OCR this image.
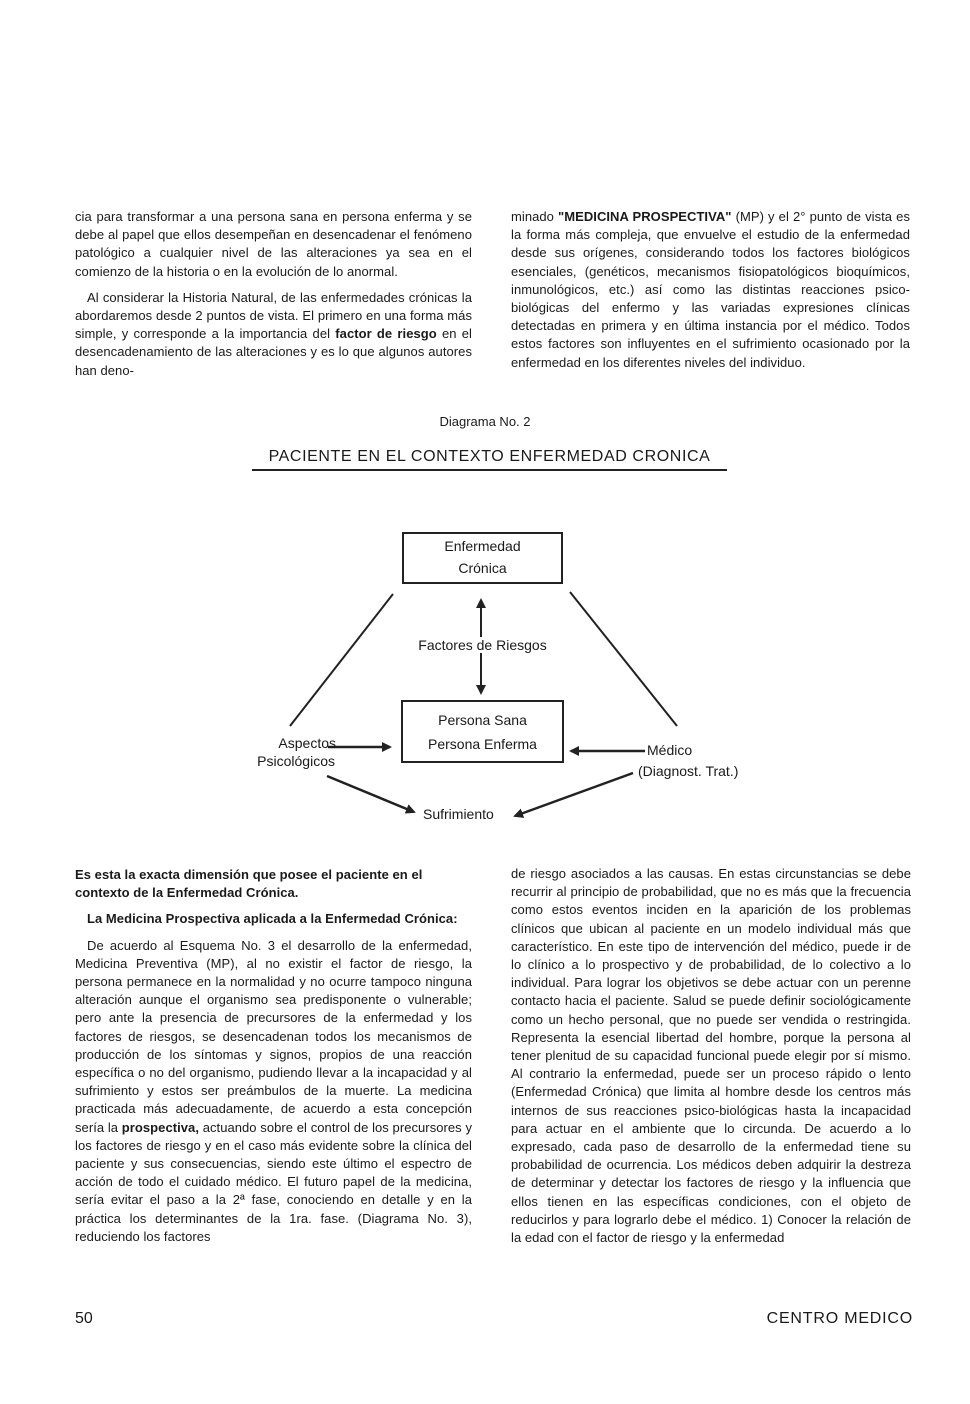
cia para transformar a una persona sana en persona enferma y se debe al papel que ellos desempeñan en desencadenar el fenómeno patológico a cualquier nivel de las alteraciones ya sea en el comienzo de la historia o en la evolución de lo anormal.

Al considerar la Historia Natural, de las enfermedades crónicas la abordaremos desde 2 puntos de vista. El primero en una forma más simple, y corresponde a la importancia del factor de riesgo en el desencadenamiento de las alteraciones y es lo que algunos autores han deno-

minado "MEDICINA PROSPECTIVA" (MP) y el 2° punto de vista es la forma más compleja, que envuelve el estudio de la enfermedad desde sus orígenes, considerando todos los factores biológicos esenciales, (genéticos, mecanismos fisiopatológicos bioquímicos, inmunológicos, etc.) así como las distintas reacciones psico-biológicas del enfermo y las variadas expresiones clínicas detectadas en primera y en última instancia por el médico. Todos estos factores son influyentes en el sufrimiento ocasionado por la enfermedad en los diferentes niveles del individuo.

Diagrama No. 2
PACIENTE EN EL CONTEXTO ENFERMEDAD CRONICA
Enfermedad
Crónica
Factores de Riesgos
Persona Sana
Persona Enferma
Aspectos
Psicológicos
Médico
(Diagnost. Trat.)
Sufrimiento

Es esta la exacta dimensión que posee el paciente en el contexto de la Enfermedad Crónica.

La Medicina Prospectiva aplicada a la Enfermedad Crónica:

De acuerdo al Esquema No. 3 el desarrollo de la enfermedad, Medicina Preventiva (MP), al no existir el factor de riesgo, la persona permanece en la normalidad y no ocurre tampoco ninguna alteración aunque el organismo sea predisponente o vulnerable; pero ante la presencia de precursores de la enfermedad y los factores de riesgos, se desencadenan todos los mecanismos de producción de los síntomas y signos, propios de una reacción específica o no del organismo, pudiendo llevar a la incapacidad y al sufrimiento y estos ser preámbulos de la muerte. La medicina practicada más adecuadamente, de acuerdo a esta concepción sería la prospectiva, actuando sobre el control de los precursores y los factores de riesgo y en el caso más evidente sobre la clínica del paciente y sus consecuencias, siendo este último el espectro de acción de todo el cuidado médico. El futuro papel de la medicina, sería evitar el paso a la 2ª fase, conociendo en detalle y en la práctica los determinantes de la 1ra. fase. (Diagrama No. 3), reduciendo los factores

de riesgo asociados a las causas. En estas circunstancias se debe recurrir al principio de probabilidad, que no es más que la frecuencia como estos eventos inciden en la aparición de los problemas clínicos que ubican al paciente en un modelo individual más que característico. En este tipo de intervención del médico, puede ir de lo clínico a lo prospectivo y de probabilidad, de lo colectivo a lo individual. Para lograr los objetivos se debe actuar con un perenne contacto hacia el paciente. Salud se puede definir sociológicamente como un hecho personal, que no puede ser vendida o restringida. Representa la esencial libertad del hombre, porque la persona al tener plenitud de su capacidad funcional puede elegir por sí mismo. Al contrario la enfermedad, puede ser un proceso rápido o lento (Enfermedad Crónica) que limita al hombre desde los centros más internos de sus reacciones psico-biológicas hasta la incapacidad para actuar en el ambiente que lo circunda. De acuerdo a lo expresado, cada paso de desarrollo de la enfermedad tiene su probabilidad de ocurrencia. Los médicos deben adquirir la destreza de determinar y detectar los factores de riesgo y la influencia que ellos tienen en las específicas condiciones, con el objeto de reducirlos y para lograrlo debe el médico. 1) Conocer la relación de la edad con el factor de riesgo y la enfermedad

50	CENTRO MEDICO
